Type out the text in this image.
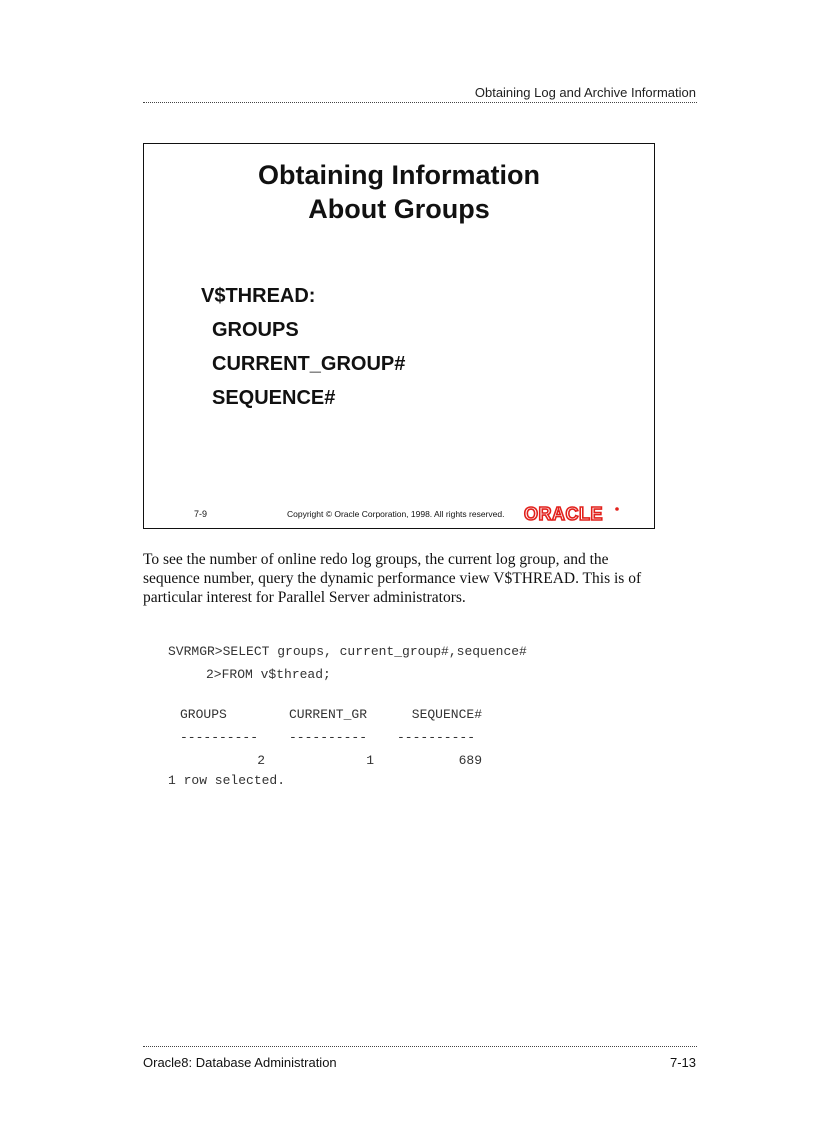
Obtaining Log and Archive Information
Obtaining Information
About Groups
V$THREAD:
GROUPS
CURRENT_GROUP#
SEQUENCE#
7-9	Copyright © Oracle Corporation, 1998. All rights reserved. ORACLE

To see the number of online redo log groups, the current log group, and the sequence number, query the dynamic performance view V$THREAD. This is of particular interest for Parallel Server administrators.

SVRMGR>SELECT groups, current_group#,sequence#
2>FROM v$thread;
GROUPS	CURRENT_GR	SEQUENCE#
----------	----------	----------
2	1	689
1 row selected.
Oracle8: Database Administration	7-13
